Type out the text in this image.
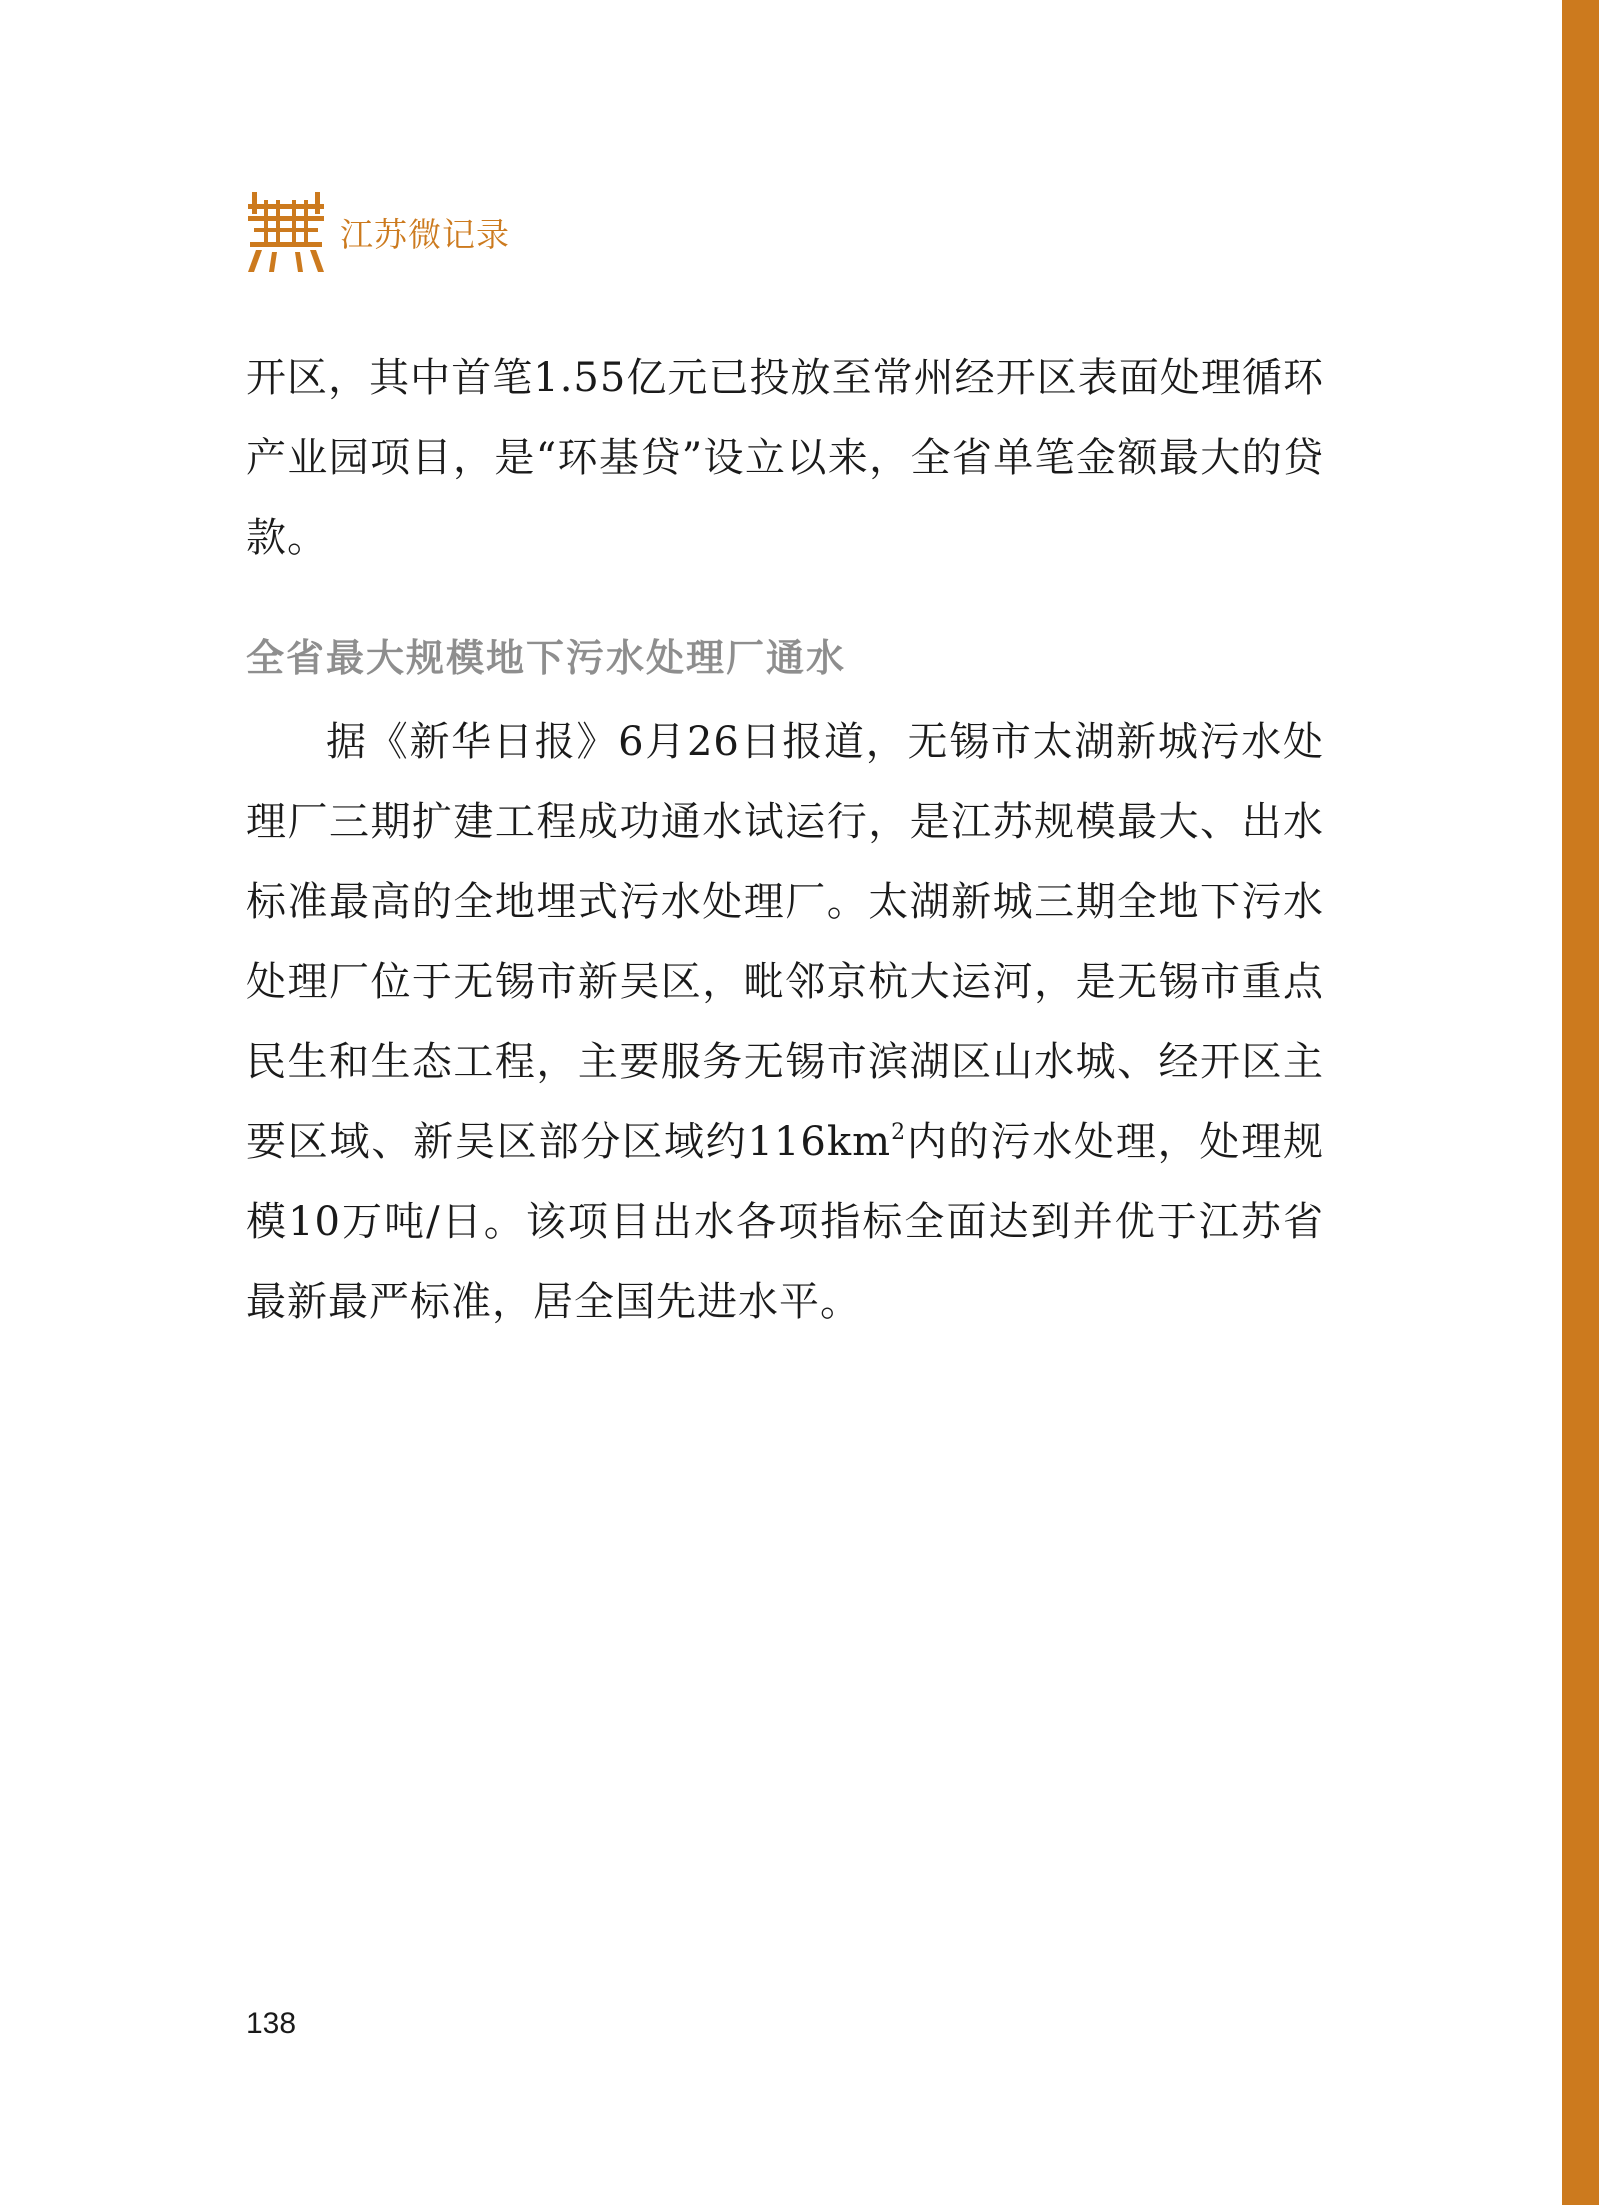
江苏微记录

开区，其中首笔1.55亿元已投放至常州经开区表面处理循环产业园项目，是“环基贷”设立以来，全省单笔金额最大的贷款。

全省最大规模地下污水处理厂通水

据《新华日报》6月26日报道，无锡市太湖新城污水处理厂三期扩建工程成功通水试运行，是江苏规模最大、出水标准最高的全地埋式污水处理厂。太湖新城三期全地下污水处理厂位于无锡市新吴区，毗邻京杭大运河，是无锡市重点民生和生态工程，主要服务无锡市滨湖区山水城、经开区主要区域、新吴区部分区域约$116km^2$内的污水处理，处理规模10万吨/日。该项目出水各项指标全面达到并优于江苏省最新最严标准，居全国先进水平。

138
